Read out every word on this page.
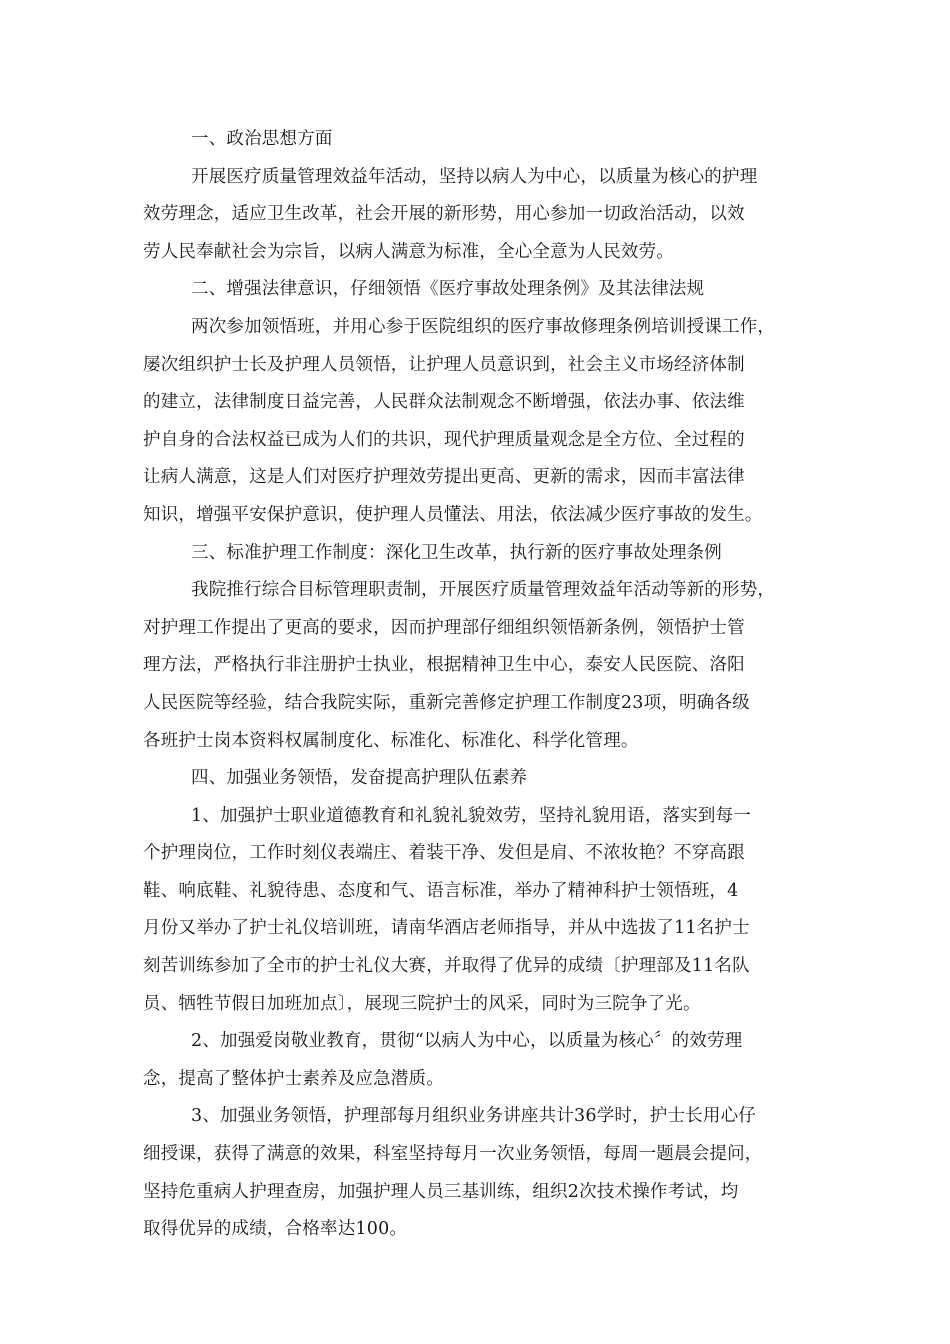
一、政治思想方面
开展医疗质量管理效益年活动，坚持以病人为中心，以质量为核心的护理
效劳理念，适应卫生改革，社会开展的新形势，用心参加一切政治活动，以效
劳人民奉献社会为宗旨，以病人满意为标准，全心全意为人民效劳。
二、增强法律意识，仔细领悟《医疗事故处理条例》及其法律法规
两次参加领悟班，并用心参于医院组织的医疗事故修理条例培训授课工作，
屡次组织护士长及护理人员领悟，让护理人员意识到，社会主义市场经济体制
的建立，法律制度日益完善，人民群众法制观念不断增强，依法办事、依法维
护自身的合法权益已成为人们的共识，现代护理质量观念是全方位、全过程的
让病人满意，这是人们对医疗护理效劳提出更高、更新的需求，因而丰富法律
知识，增强平安保护意识，使护理人员懂法、用法，依法减少医疗事故的发生。
三、标准护理工作制度：深化卫生改革，执行新的医疗事故处理条例
我院推行综合目标管理职责制，开展医疗质量管理效益年活动等新的形势，
对护理工作提出了更高的要求，因而护理部仔细组织领悟新条例，领悟护士管
理方法，严格执行非注册护士执业，根据精神卫生中心，泰安人民医院、洛阳
人民医院等经验，结合我院实际，重新完善修定护理工作制度23项，明确各级
各班护士岗本资料权属制度化、标准化、标准化、科学化管理。
四、加强业务领悟，发奋提高护理队伍素养
1、加强护士职业道德教育和礼貌礼貌效劳，坚持礼貌用语，落实到每一
个护理岗位，工作时刻仪表端庄、着装干净、发但是肩、不浓妆艳？不穿高跟
鞋、响底鞋、礼貌待患、态度和气、语言标准，举办了精神科护士领悟班，4
月份又举办了护士礼仪培训班，请南华酒店老师指导，并从中选拔了11名护士
刻苦训练参加了全市的护士礼仪大赛，并取得了优异的成绩〔护理部及11名队
员、牺牲节假日加班加点〕，展现三院护士的风采，同时为三院争了光。
2、加强爱岗敬业教育，贯彻“以病人为中心，以质量为核心〞的效劳理
念，提高了整体护士素养及应急潜质。
3、加强业务领悟，护理部每月组织业务讲座共计36学时，护士长用心仔
细授课，获得了满意的效果，科室坚持每月一次业务领悟，每周一题晨会提问，
坚持危重病人护理查房，加强护理人员三基训练，组织2次技术操作考试，均
取得优异的成绩，合格率达100。
